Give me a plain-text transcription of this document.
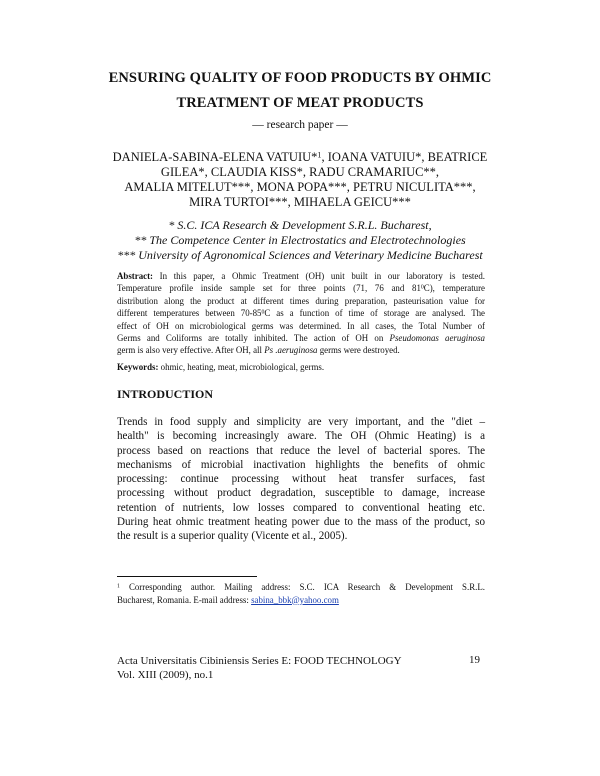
ENSURING QUALITY OF FOOD PRODUCTS BY OHMIC
TREATMENT OF MEAT PRODUCTS
— research paper —
DANIELA-SABINA-ELENA VATUIU*$^1$, IOANA VATUIU*, BEATRICE
GILEA*, CLAUDIA KISS*, RADU CRAMARIUC**,
AMALIA MITELUT***, MONA POPA***, PETRU NICULITA***,
MIRA TURTOI***, MIHAELA GEICU***
* S.C. ICA Research & Development S.R.L. Bucharest,
** The Competence Center in Electrostatics and Electrotechnologies
*** University of Agronomical Sciences and Veterinary Medicine Bucharest
Abstract: In this paper, a Ohmic Treatment (OH) unit built in our laboratory is tested.
Temperature profile inside sample set for three points (71, 76 and $81^0C$), temperature
distribution along the product at different times during preparation, pasteurisation value for
different temperatures between $70-85^0C$ as a function of time of storage are analysed. The
effect of OH on microbiological germs was determined. In all cases, the Total Number of
Germs and Coliforms are totally inhibited. The action of OH on Pseudomonas aeruginosa
germ is also very effective. After OH, all Ps .aeruginosa germs were destroyed.
Keywords: ohmic, heating, meat, microbiological, germs.
INTRODUCTION
Trends in food supply and simplicity are very important, and the "diet –
health" is becoming increasingly aware. The OH (Ohmic Heating) is a
process based on reactions that reduce the level of bacterial spores. The
mechanisms of microbial inactivation highlights the benefits of ohmic
processing: continue processing without heat transfer surfaces, fast
processing without product degradation, susceptible to damage, increase
retention of nutrients, low losses compared to conventional heating etc.
During heat ohmic treatment heating power due to the mass of the product, so
the result is a superior quality (Vicente et al., 2005).
$^1$ Corresponding author. Mailing address: S.C. ICA Research & Development S.R.L.
Bucharest, Romania. E-mail address: sabina_bbk@yahoo.com
Acta Universitatis Cibiniensis Series E: FOOD TECHNOLOGY
Vol. XIII (2009), no.1
19
